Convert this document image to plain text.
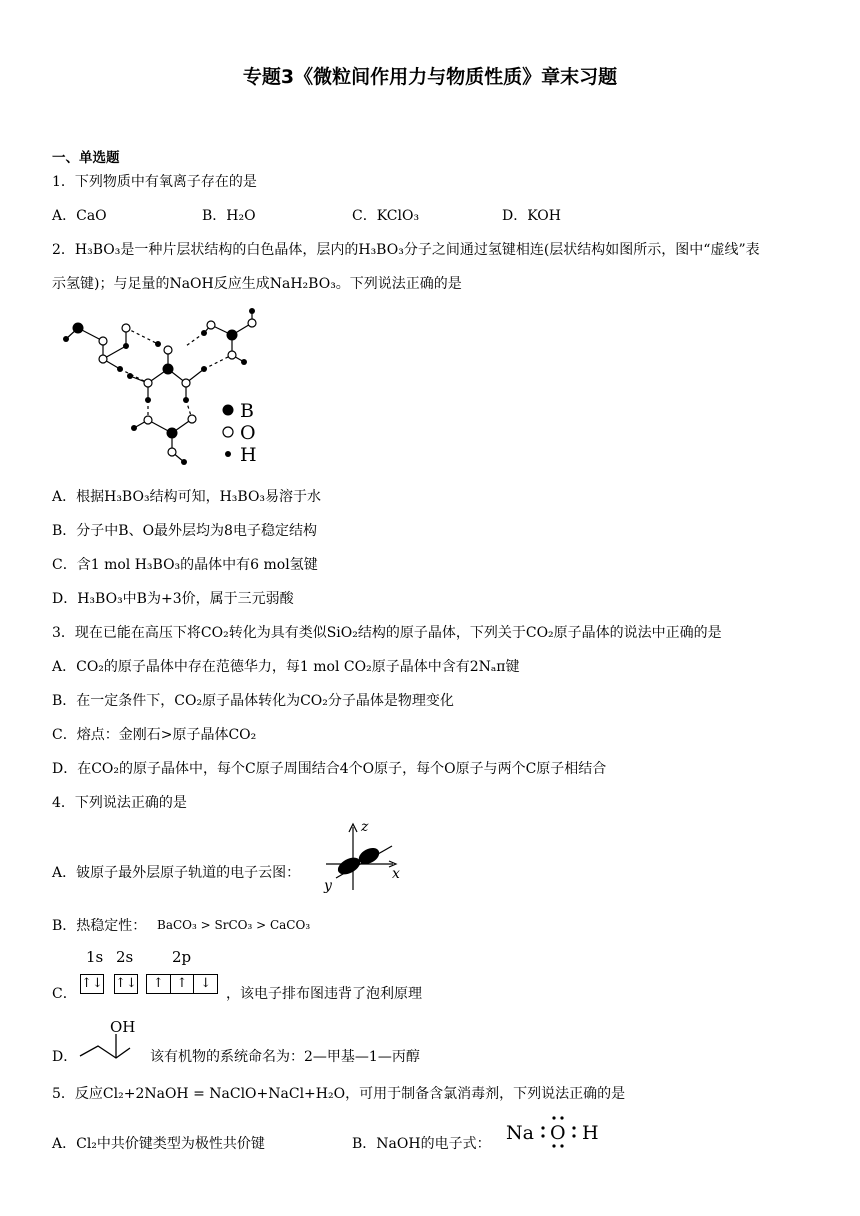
专题3《微粒间作用力与物质性质》章末习题
一、单选题
1．下列物质中有氧离子存在的是
A．CaO	B．H₂O	C．KClO₃	D．KOH
2．H₃BO₃是一种片层状结构的白色晶体，层内的H₃BO₃分子之间通过氢键相连(层状结构如图所示，图中“虚线”表
示氢键)；与足量的NaOH反应生成NaH₂BO₃。下列说法正确的是
B
O
H
A．根据H₃BO₃结构可知，H₃BO₃易溶于水
B．分子中B、O最外层均为8电子稳定结构
C．含1 mol H₃BO₃的晶体中有6 mol氢键
D．H₃BO₃中B为+3价，属于三元弱酸
3．现在已能在高压下将CO₂转化为具有类似SiO₂结构的原子晶体，下列关于CO₂原子晶体的说法中正确的是
A．CO₂的原子晶体中存在范德华力，每1 mol CO₂原子晶体中含有2Nₐπ键
B．在一定条件下，CO₂原子晶体转化为CO₂分子晶体是物理变化
C．熔点：金刚石>原子晶体CO₂
D．在CO₂的原子晶体中，每个C原子周围结合4个O原子，每个O原子与两个C原子相结合
4．下列说法正确的是
z
x
y
A．铍原子最外层原子轨道的电子云图：
B．热稳定性： BaCO₃ > SrCO₃ > CaCO₃
1s 2s	2p
C．
↑↓ ↑↓	↑ ↑ ↓
，该电子排布图违背了泡利原理
D．
OH
该有机物的系统命名为：2—甲基—1—丙醇
5．反应Cl₂+2NaOH = NaClO+NaCl+H₂O，可用于制备含氯消毒剂，下列说法正确的是
A．Cl₂中共价键类型为极性共价键	B．NaOH的电子式： Na O H
